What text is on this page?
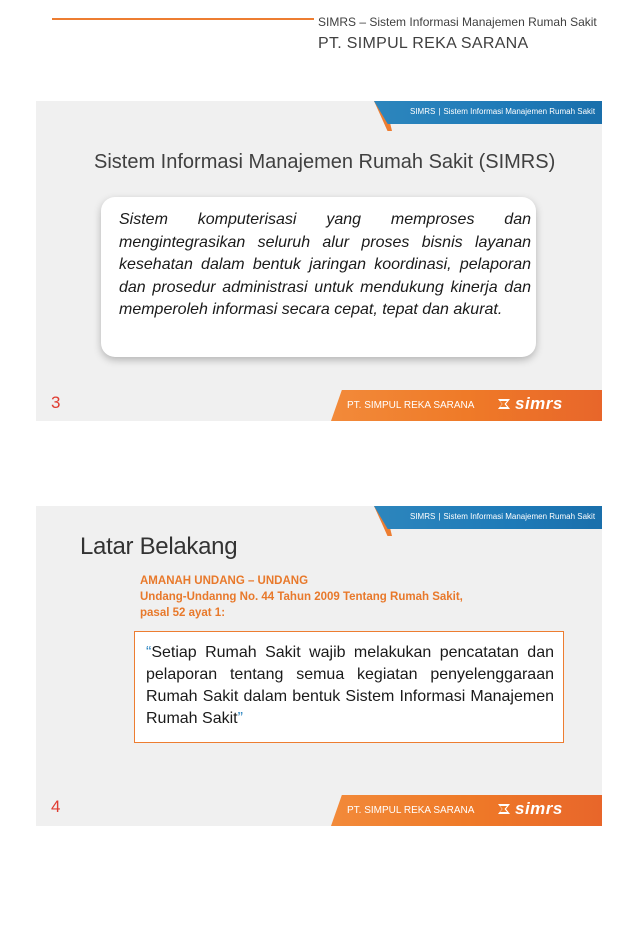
SIMRS – Sistem Informasi Manajemen Rumah Sakit
PT. SIMPUL REKA SARANA
SIMRS | Sistem Informasi Manajemen Rumah Sakit
Sistem Informasi Manajemen Rumah Sakit (SIMRS)
Sistem komputerisasi yang memproses dan mengintegrasikan seluruh alur proses bisnis layanan kesehatan dalam bentuk jaringan koordinasi, pelaporan dan prosedur administrasi untuk mendukung kinerja dan memperoleh informasi secara cepat, tepat dan akurat.
3	PT. SIMPUL REKA SARANA simrs
SIMRS | Sistem Informasi Manajemen Rumah Sakit
Latar Belakang
AMANAH UNDANG – UNDANG
Undang-Undanng No. 44 Tahun 2009 Tentang Rumah Sakit,
pasal 52 ayat 1:
“Setiap Rumah Sakit wajib melakukan pencatatan dan pelaporan tentang semua kegiatan penyelenggaraan Rumah Sakit dalam bentuk Sistem Informasi Manajemen Rumah Sakit”
4	PT. SIMPUL REKA SARANA simrs
